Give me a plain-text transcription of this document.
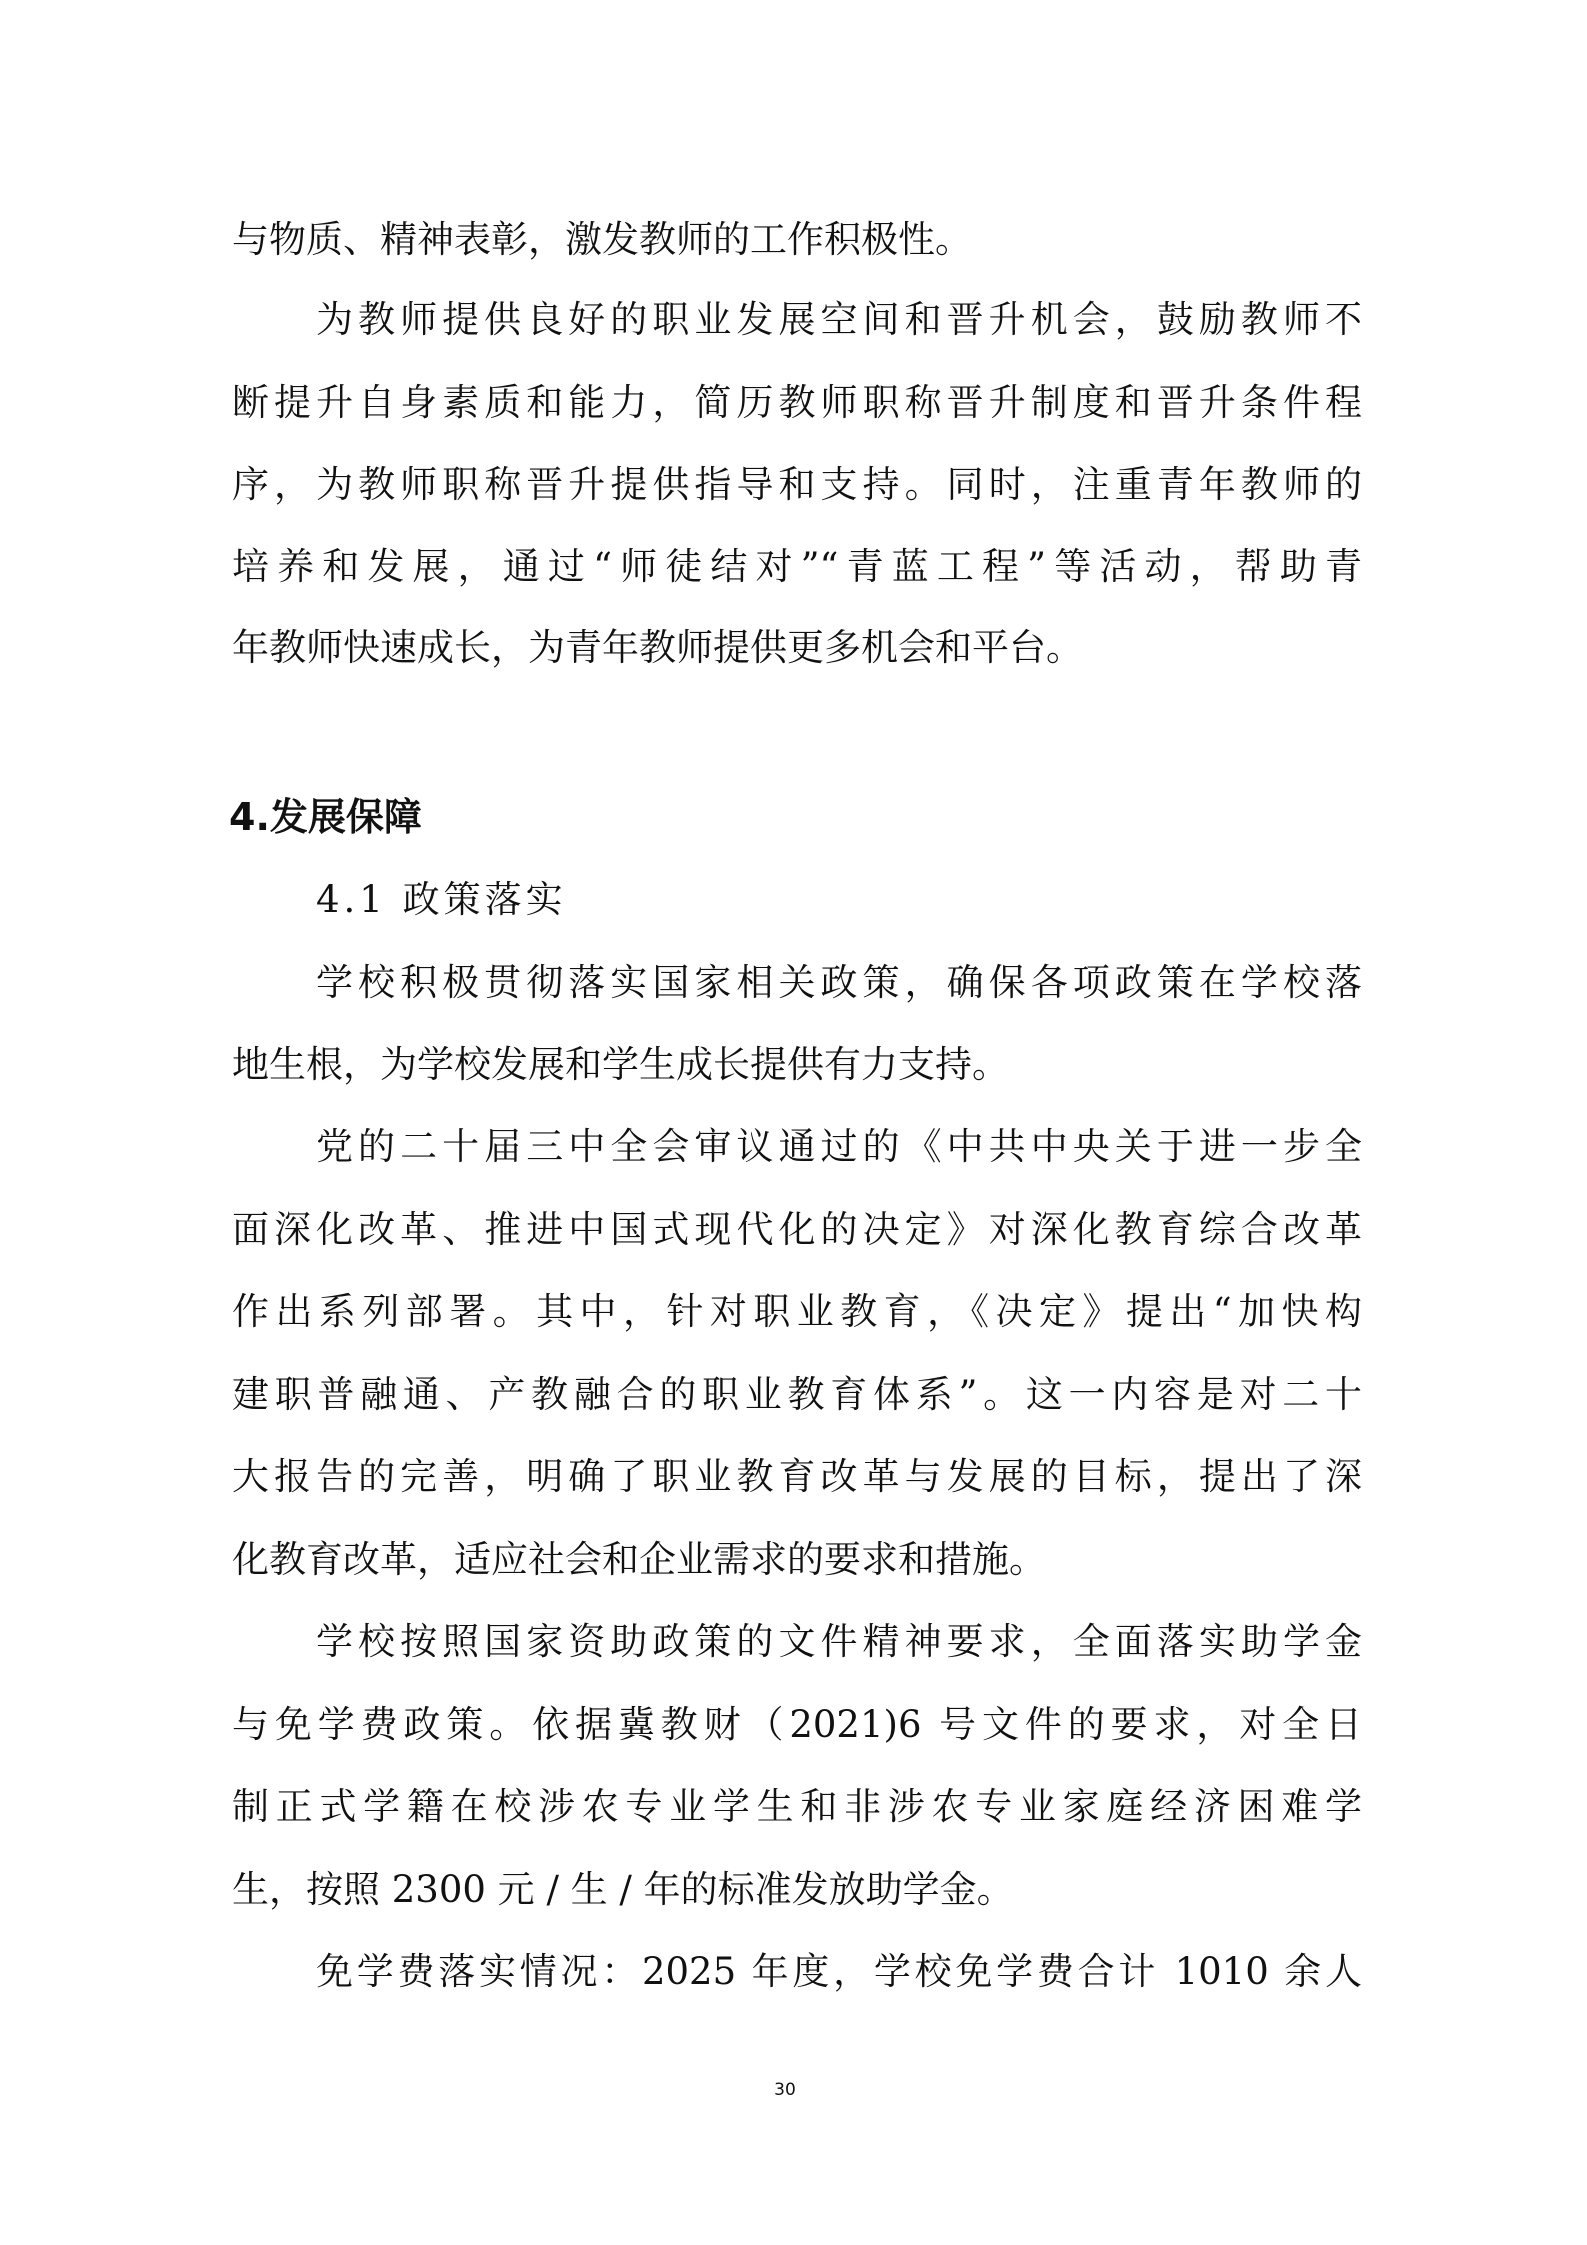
与物质、精神表彰，激发教师的工作积极性。
为教师提供良好的职业发展空间和晋升机会，鼓励教师不
断提升自身素质和能力，简历教师职称晋升制度和晋升条件程
序，为教师职称晋升提供指导和支持。同时，注重青年教师的
培养和发展，通过“师徒结对”“青蓝工程”等活动，帮助青
年教师快速成长，为青年教师提供更多机会和平台。
4.发展保障
4.1 政策落实
学校积极贯彻落实国家相关政策，确保各项政策在学校落
地生根，为学校发展和学生成长提供有力支持。
党的二十届三中全会审议通过的《中共中央关于进一步全
面深化改革、推进中国式现代化的决定》对深化教育综合改革
作出系列部署。其中，针对职业教育，《决定》提出“加快构
建职普融通、产教融合的职业教育体系”。这一内容是对二十
大报告的完善，明确了职业教育改革与发展的目标，提出了深
化教育改革，适应社会和企业需求的要求和措施。
学校按照国家资助政策的文件精神要求，全面落实助学金
与免学费政策。依据冀教财（2021)6 号文件的要求，对全日
制正式学籍在校涉农专业学生和非涉农专业家庭经济困难学
生，按照 2300 元 / 生 / 年的标准发放助学金。
免学费落实情况：2025 年度，学校免学费合计 1010 余人
30
